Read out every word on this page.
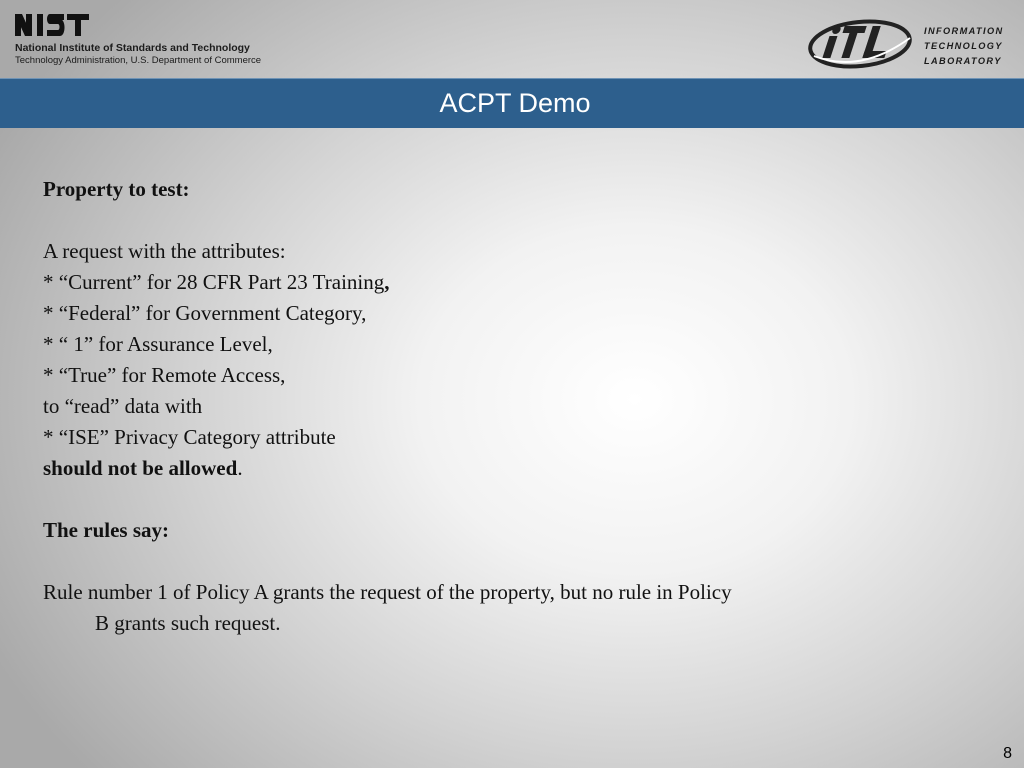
National Institute of Standards and Technology
Technology Administration, U.S. Department of Commerce
INFORMATION
TECHNOLOGY
LABORATORY
ACPT Demo

Property to test:

A request with the attributes:

* “Current” for 28 CFR Part 23 Training,

* “Federal” for Government Category,

* “ 1” for Assurance Level,

* “True” for Remote Access,

to “read” data with

* “ISE” Privacy Category attribute

should not be allowed.

The rules say:

Rule number 1 of Policy A grants the request of the property, but no rule in Policy

B grants such request.

8
